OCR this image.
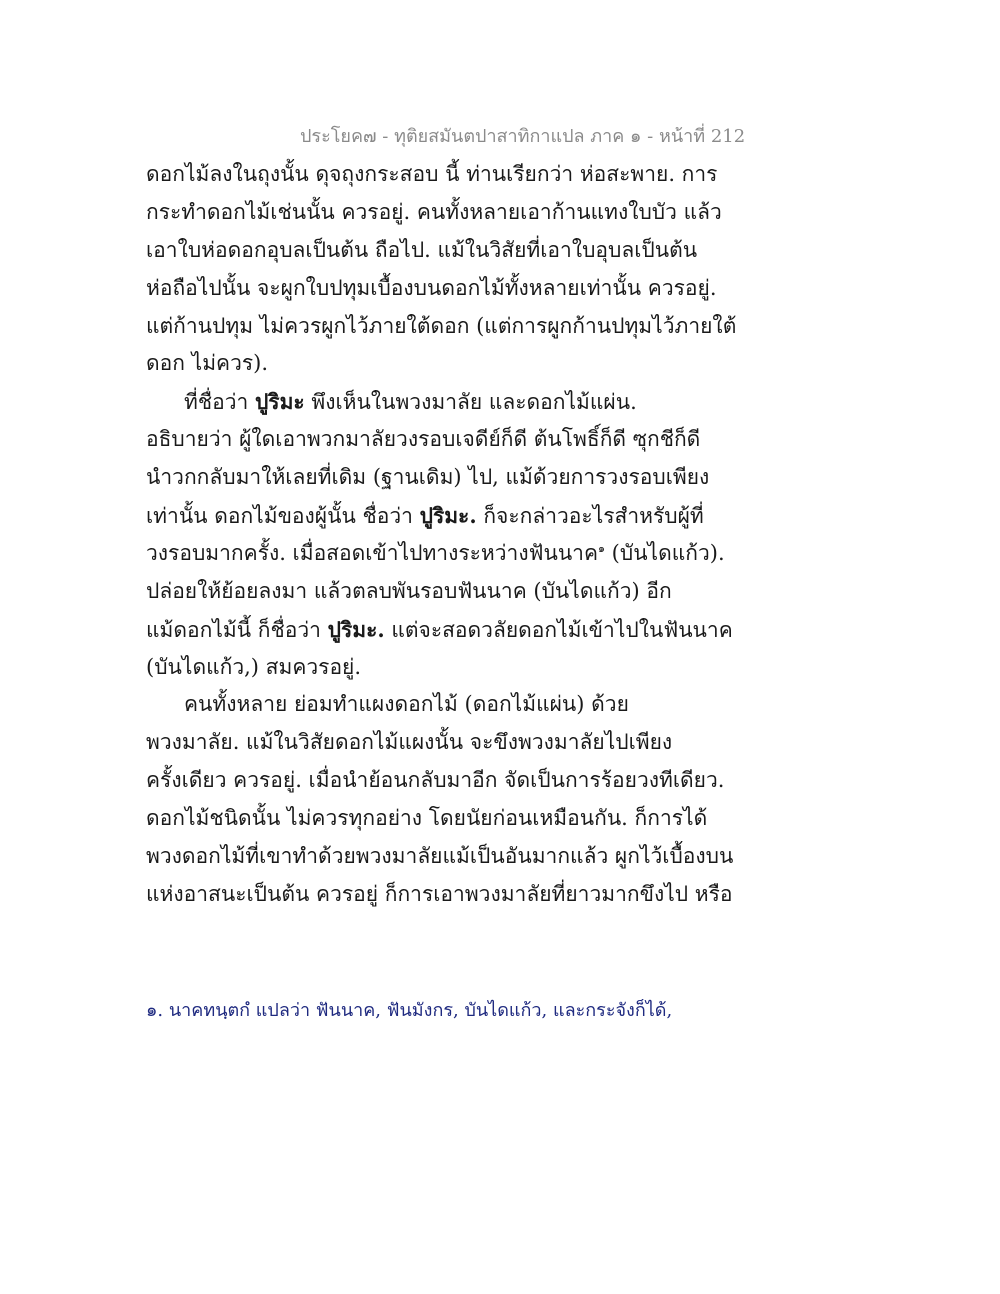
ประโยค๗ - ทุติยสมันตปาสาทิกาแปล ภาค ๑ - หน้าที่ 212
ดอกไม้ลงในถุงนั้น ดุจถุงกระสอบ นี้ ท่านเรียกว่า ห่อสะพาย. การ
กระทำดอกไม้เช่นนั้น ควรอยู่. คนทั้งหลายเอาก้านแทงใบบัว แล้ว
เอาใบห่อดอกอุบลเป็นต้น ถือไป. แม้ในวิสัยที่เอาใบอุบลเป็นต้น
ห่อถือไปนั้น จะผูกใบปทุมเบื้องบนดอกไม้ทั้งหลายเท่านั้น ควรอยู่.
แต่ก้านปทุม ไม่ควรผูกไว้ภายใต้ดอก (แต่การผูกก้านปทุมไว้ภายใต้
ดอก ไม่ควร).
ที่ชื่อว่า ปูริมะ พึงเห็นในพวงมาลัย และดอกไม้แผ่น.
อธิบายว่า ผู้ใดเอาพวกมาลัยวงรอบเจดีย์ก็ดี ต้นโพธิ์ก็ดี ซุกชีก็ดี
นำวกกลับมาให้เลยที่เดิม (ฐานเดิม) ไป, แม้ด้วยการวงรอบเพียง
เท่านั้น ดอกไม้ของผู้นั้น ชื่อว่า ปูริมะ. ก็จะกล่าวอะไรสำหรับผู้ที่
วงรอบมากครั้ง. เมื่อสอดเข้าไปทางระหว่างฟันนาค$^๑$ (บันไดแก้ว).
ปล่อยให้ย้อยลงมา แล้วตลบพันรอบฟันนาค (บันไดแก้ว) อีก
แม้ดอกไม้นี้ ก็ชื่อว่า ปูริมะ. แต่จะสอดวลัยดอกไม้เข้าไปในฟันนาค
(บันไดแก้ว,) สมควรอยู่.
คนทั้งหลาย ย่อมทำแผงดอกไม้ (ดอกไม้แผ่น) ด้วย
พวงมาลัย. แม้ในวิสัยดอกไม้แผงนั้น จะขึงพวงมาลัยไปเพียง
ครั้งเดียว ควรอยู่. เมื่อนำย้อนกลับมาอีก จัดเป็นการร้อยวงทีเดียว.
ดอกไม้ชนิดนั้น ไม่ควรทุกอย่าง โดยนัยก่อนเหมือนกัน. ก็การได้
พวงดอกไม้ที่เขาทำด้วยพวงมาลัยแม้เป็นอันมากแล้ว ผูกไว้เบื้องบน
แห่งอาสนะเป็นต้น ควรอยู่ ก็การเอาพวงมาลัยที่ยาวมากขึงไป หรือ
๑. นาคทนฺตกํ แปลว่า ฟันนาค, ฟันมังกร, บันไดแก้ว, และกระจังก็ได้,
